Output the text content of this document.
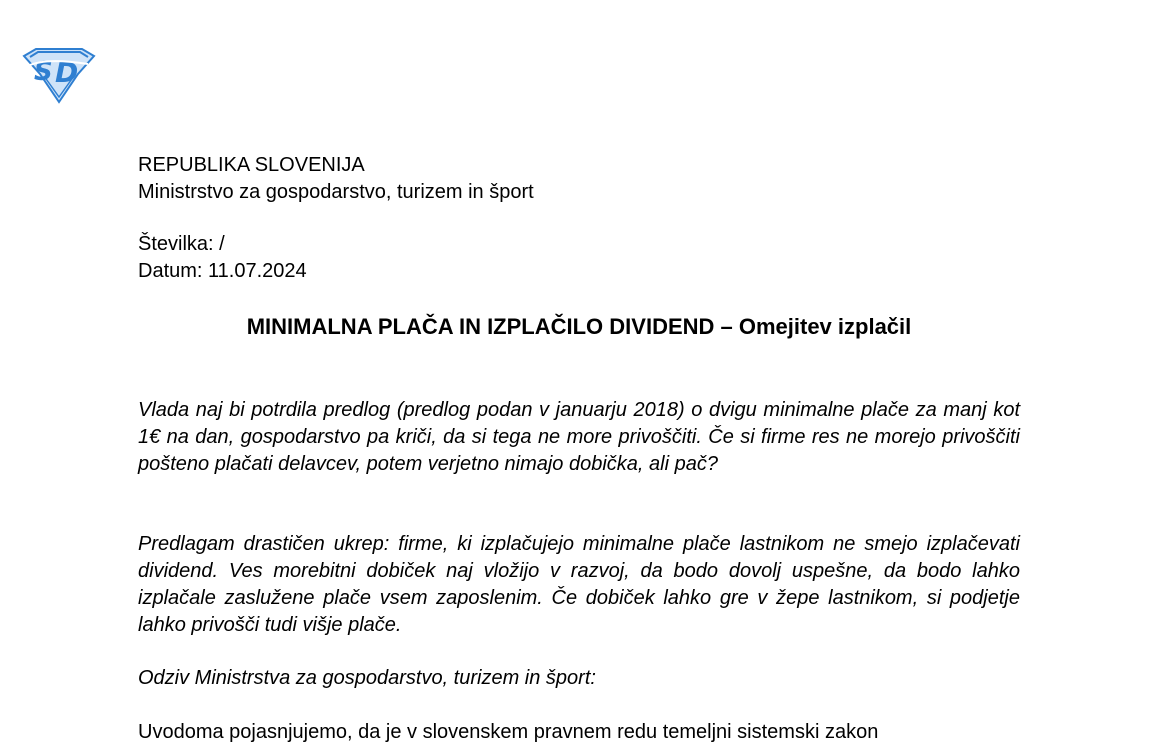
S D
REPUBLIKA SLOVENIJA
Ministrstvo za gospodarstvo, turizem in šport
Številka: /
Datum: 11.07.2024
MINIMALNA PLAČA IN IZPLAČILO DIVIDEND – Omejitev izplačil

Vlada naj bi potrdila predlog (predlog podan v januarju 2018) o dvigu minimalne plače za manj kot 1€ na dan, gospodarstvo pa kriči, da si tega ne more privoščiti. Če si firme res ne morejo privoščiti pošteno plačati delavcev, potem verjetno nimajo dobička, ali pač?

Predlagam drastičen ukrep: firme, ki izplačujejo minimalne plače lastnikom ne smejo izplačevati dividend. Ves morebitni dobiček naj vložijo v razvoj, da bodo dovolj uspešne, da bodo lahko izplačale zaslužene plače vsem zaposlenim. Če dobiček lahko gre v žepe lastnikom, si podjetje lahko privošči tudi višje plače.

Odziv Ministrstva za gospodarstvo, turizem in šport:

Uvodoma pojasnjujemo, da je v slovenskem pravnem redu temeljni sistemski zakon
